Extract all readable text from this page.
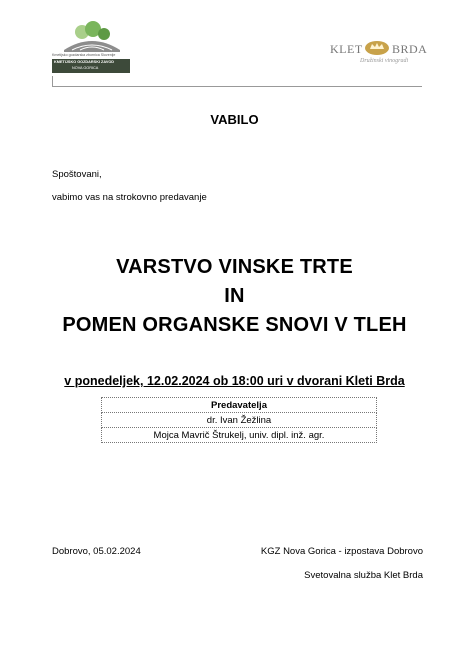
Kmetijsko gozdarska zbornica Slovenije
KMETIJSKO GOZDARSKI ZAVOD
NOVA GORICA
KLET BRDA
Družinski vinogradi
VABILO
Spoštovani,
vabimo vas na strokovno predavanje
VARSTVO VINSKE TRTE
IN
POMEN ORGANSKE SNOVI V TLEH
v ponedeljek, 12.02.2024 ob 18:00 uri v dvorani Kleti Brda
Predavatelja
dr. Ivan Žežlina
Mojca Mavrič Štrukelj, univ. dipl. inž. agr.
Dobrovo, 05.02.2024	KGZ Nova Gorica - izpostava Dobrovo
Svetovalna služba Klet Brda
